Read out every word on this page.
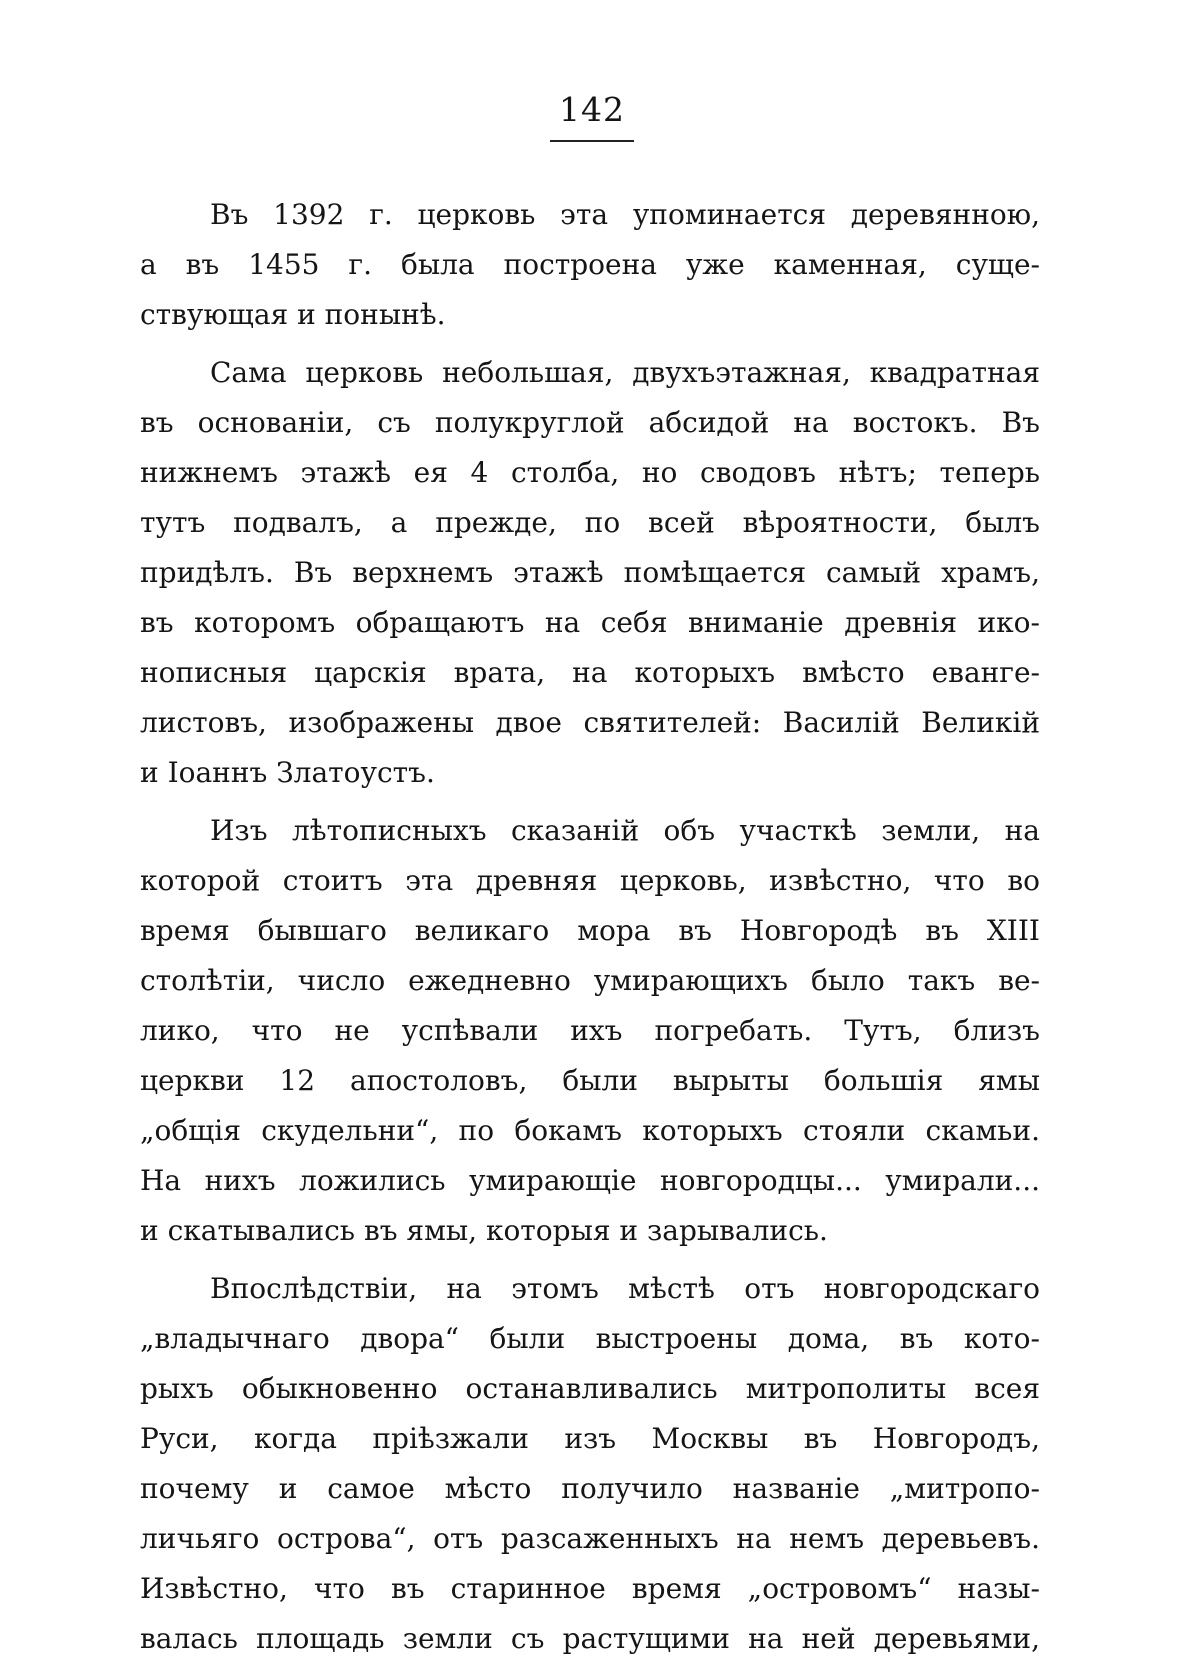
142
Въ 1392 г. церковь эта упоминается деревянною,
а въ 1455 г. была построена уже каменная, суще-
ствующая и понынѣ.
Сама церковь небольшая, двухъэтажная, квадратная
въ основаніи, съ полукруглой абсидой на востокъ. Въ
нижнемъ этажѣ ея 4 столба, но сводовъ нѣтъ; теперь
тутъ подвалъ, а прежде, по всей вѣроятности, былъ
придѣлъ. Въ верхнемъ этажѣ помѣщается самый храмъ,
въ которомъ обращаютъ на себя вниманіе древнія ико-
нописныя царскія врата, на которыхъ вмѣсто еванге-
листовъ, изображены двое святителей: Василій Великій
и Іоаннъ Златоустъ.
Изъ лѣтописныхъ сказаній объ участкѣ земли, на
которой стоитъ эта древняя церковь, извѣстно, что во
время бывшаго великаго мора въ Новгородѣ въ XIII
столѣтіи, число ежедневно умирающихъ было такъ ве-
лико, что не успѣвали ихъ погребать. Тутъ, близъ
церкви 12 апостоловъ, были вырыты большія ямы
„общія скудельни“, по бокамъ которыхъ стояли скамьи.
На нихъ ложились умирающіе новгородцы... умирали...
и скатывались въ ямы, которыя и зарывались.
Впослѣдствіи, на этомъ мѣстѣ отъ новгородскаго
„владычнаго двора“ были выстроены дома, въ кото-
рыхъ обыкновенно останавливались митрополиты всея
Руси, когда пріѣзжали изъ Москвы въ Новгородъ,
почему и самое мѣсто получило названіе „митропо-
личьяго острова“, отъ разсаженныхъ на немъ деревьевъ.
Извѣстно, что въ старинное время „островомъ“ назы-
валась площадь земли съ растущими на ней деревьями,
